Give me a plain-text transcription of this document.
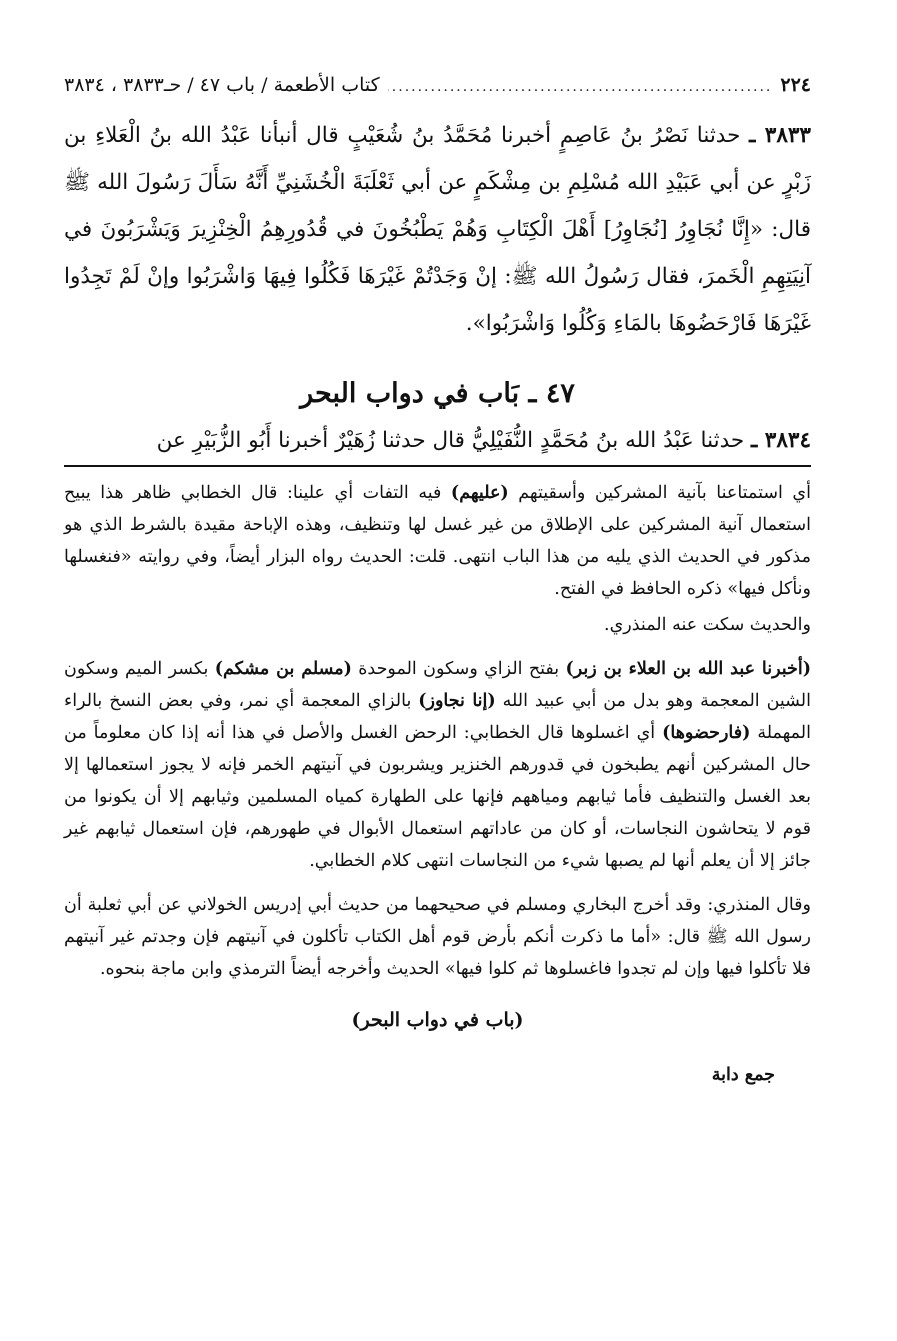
٢٢٤
.....
كتاب الأطعمة / باب ٤٧ / حـ٣٨٣٣ ، ٣٨٣٤

٣٨٣٣ ـ حدثنا نَصْرُ بنُ عَاصِمٍ أخبرنا مُحَمَّدُ بنُ شُعَيْبٍ قال أنبأنا عَبْدُ الله بنُ الْعَلاءِ بن زَبْرٍ عن أبي عَبَيْدِ الله مُسْلِمِ بن مِشْكَمٍ عن أبي ثَعْلَبَةَ الْخُشَنِيِّ أَنَّهُ سَأَلَ رَسُولَ الله ﷺ قال: «إِنَّا نُجَاوِرُ [نُجَاوِرُ] أَهْلَ الْكِتَابِ وَهُمْ يَطْبُخُونَ في قُدُورِهِمُ الْخِنْزِيرَ وَيَشْرَبُونَ في آنِيَتِهِمِ الْخَمرَ، فقال رَسُولُ الله ﷺ: إنْ وَجَدْتُمْ غَيْرَهَا فَكُلُوا فِيهَا وَاشْرَبُوا وإنْ لَمْ تَجِدُوا غَيْرَهَا فَارْحَضُوهَا بالمَاءِ وَكُلُوا وَاشْرَبُوا».

٤٧ ـ بَاب في دواب البحر

٣٨٣٤ ـ حدثنا عَبْدُ الله بنُ مُحَمَّدٍ النُّفَيْلِيُّ قال حدثنا زُهَيْرٌ أخبرنا أَبُو الزُّبَيْرِ عن

أي استمتاعنا بآنية المشركين وأسقيتهم (عليهم) فيه التفات أي علينا: قال الخطابي ظاهر هذا يبيح استعمال آنية المشركين على الإطلاق من غير غسل لها وتنظيف، وهذه الإباحة مقيدة بالشرط الذي هو مذكور في الحديث الذي يليه من هذا الباب انتهى. قلت: الحديث رواه البزار أيضاً، وفي روايته «فنغسلها ونأكل فيها» ذكره الحافظ في الفتح.

والحديث سكت عنه المنذري.

(أخبرنا عبد الله بن العلاء بن زبر) بفتح الزاي وسكون الموحدة (مسلم بن مشكم) بكسر الميم وسكون الشين المعجمة وهو بدل من أبي عبيد الله (إنا نجاوز) بالزاي المعجمة أي نمر، وفي بعض النسخ بالراء المهملة (فارحضوها) أي اغسلوها قال الخطابي: الرحض الغسل والأصل في هذا أنه إذا كان معلوماً من حال المشركين أنهم يطبخون في قدورهم الخنزير ويشربون في آنيتهم الخمر فإنه لا يجوز استعمالها إلا بعد الغسل والتنظيف فأما ثيابهم ومياههم فإنها على الطهارة كمياه المسلمين وثيابهم إلا أن يكونوا من قوم لا يتحاشون النجاسات، أو كان من عاداتهم استعمال الأبوال في طهورهم، فإن استعمال ثيابهم غير جائز إلا أن يعلم أنها لم يصبها شيء من النجاسات انتهى كلام الخطابي.

وقال المنذري: وقد أخرج البخاري ومسلم في صحيحهما من حديث أبي إدريس الخولاني عن أبي ثعلبة أن رسول الله ﷺ قال: «أما ما ذكرت أنكم بأرض قوم أهل الكتاب تأكلون في آنيتهم فإن وجدتم غير آنيتهم فلا تأكلوا فيها وإن لم تجدوا فاغسلوها ثم كلوا فيها» الحديث وأخرجه أيضاً الترمذي وابن ماجة بنحوه.

(باب في دواب البحر)

جمع دابة
